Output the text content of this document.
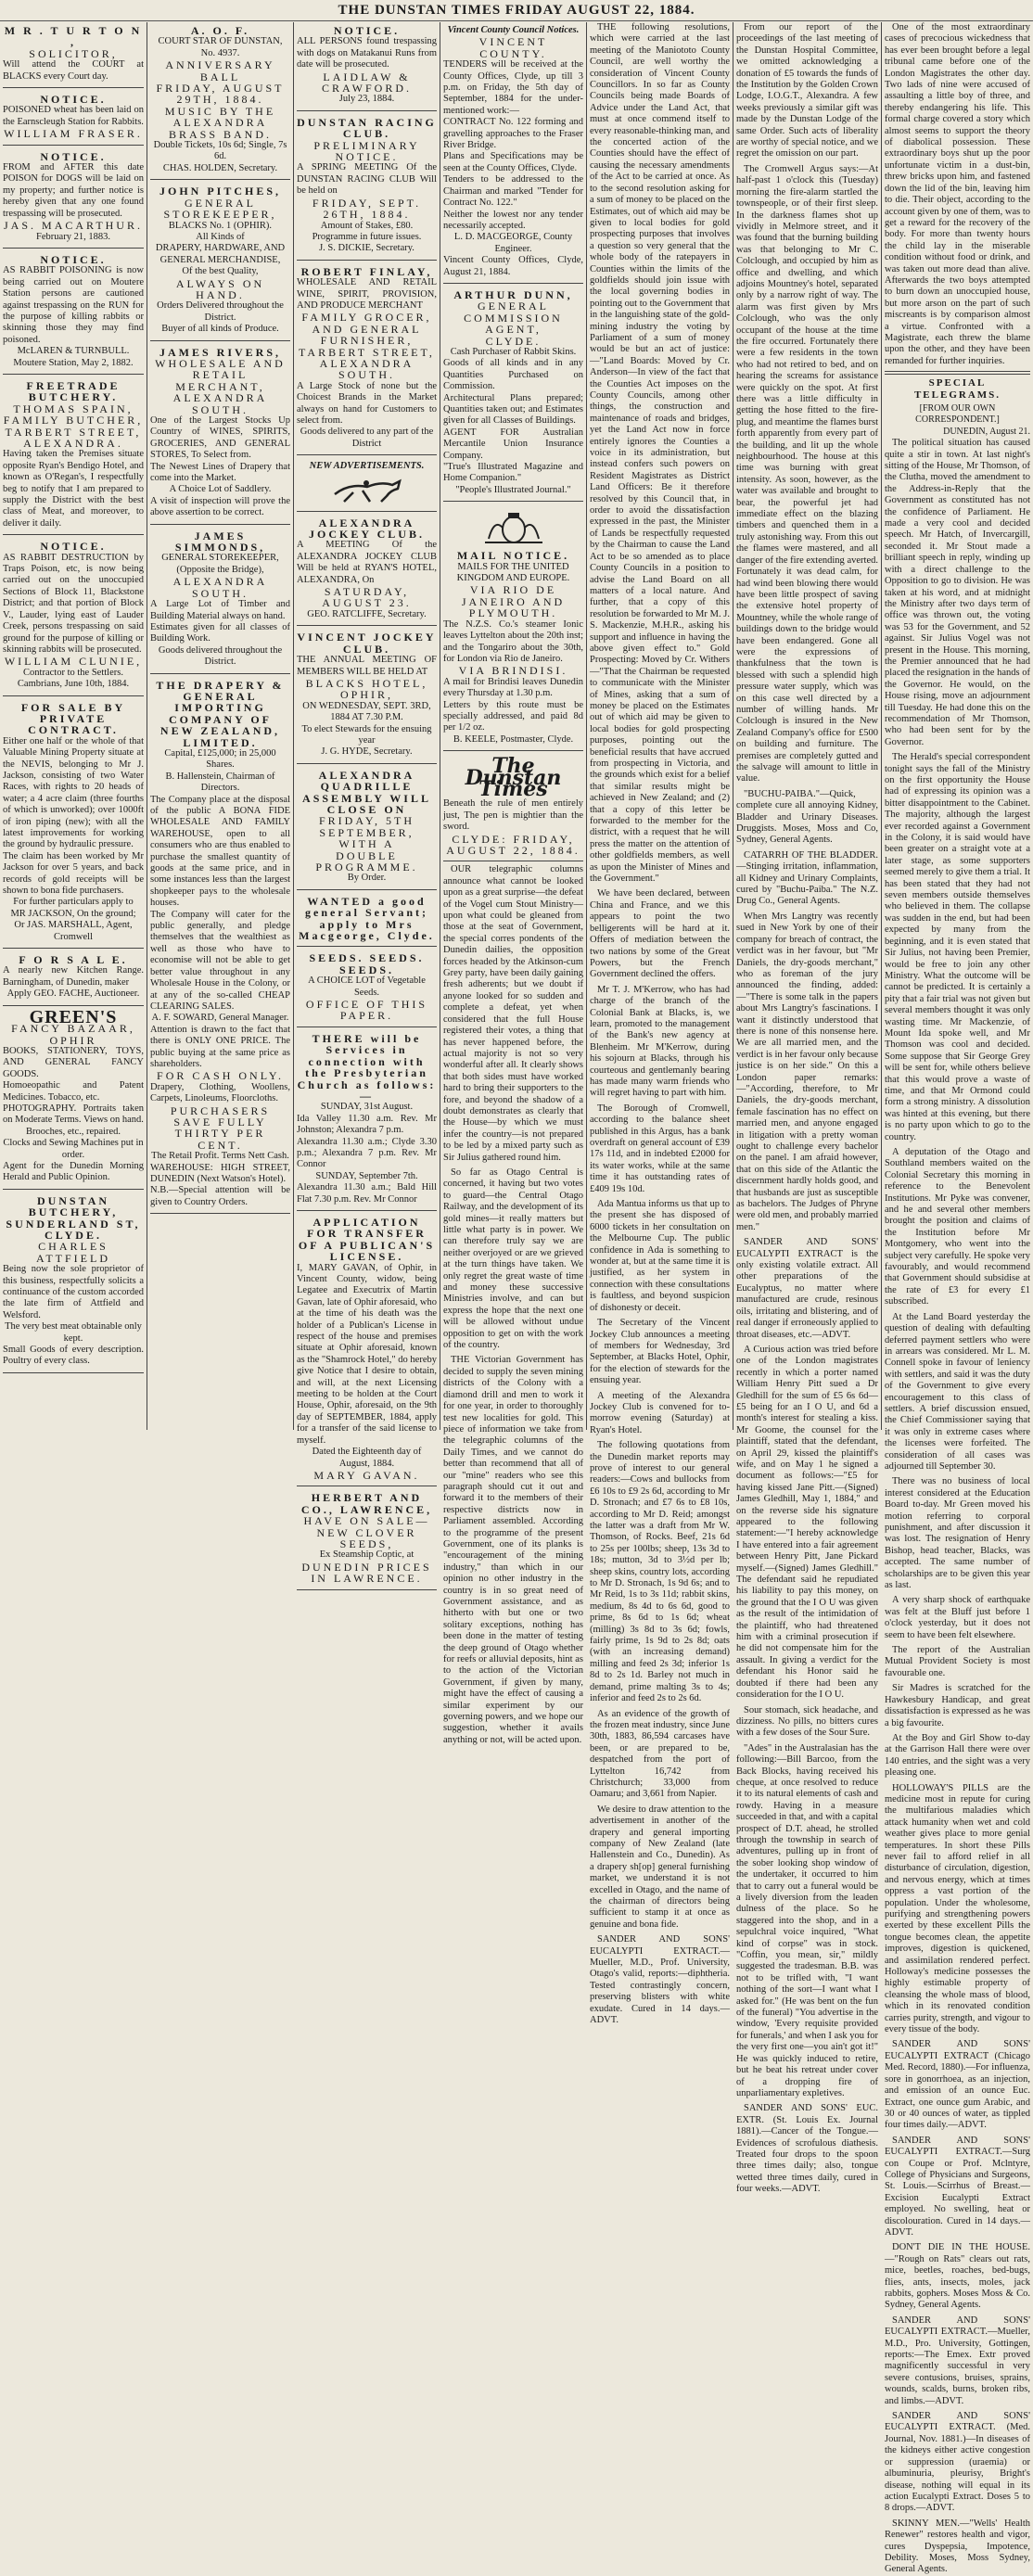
THE DUNSTAN TIMES FRIDAY AUGUST 22, 1884.
M R . T U R T O N ,
SOLICITOR,
Will attend the COURT at BLACKS every Court day.
NOTICE.
POISONED wheat has been laid on the Earnscleugh Station for Rabbits.
WILLIAM FRASER.
NOTICE.
FROM and AFTER this date POISON for DOGS will be laid on my property; and further notice is hereby given that any one found trespassing will be prosecuted.
JAS. MACARTHUR.
February 21, 1883.
NOTICE.
AS RABBIT POISONING is now being carried out on Moutere Station persons are cautioned against trespassing on the RUN for the purpose of killing rabbits or skinning those they may find poisoned.
McLAREN & TURNBULL.
Moutere Station, May 2, 1882.
FREETRADE BUTCHERY.
THOMAS SPAIN,
FAMILY BUTCHER,
TARBERT STREET, ALEXANDRA.
Having taken the Premises situate opposite Ryan's Bendigo Hotel, and known as O'Regan's, I respectfully beg to notify that I am prepared to supply the District with the best class of Meat, and moreover, to deliver it daily.
NOTICE.
AS RABBIT DESTRUCTION by Traps Poison, etc, is now being carried out on the unoccupied Sections of Block 11, Blackstone District; and that portion of Block V., Lauder, lying east of Lauder Creek, persons trespassing on said ground for the purpose of killing or skinning rabbits will be prosecuted.
WILLIAM CLUNIE,
Contractor to the Settlers.
Cambrians, June 10th, 1884.
FOR SALE BY PRIVATE CONTRACT.
Either one half or the whole of that Valuable Mining Property situate at the NEVIS, belonging to Mr J. Jackson, consisting of two Water Races, with rights to 20 heads of water; a 4 acre claim (three fourths of which is unworked); over 1000ft of iron piping (new); with all the latest improvements for working the ground by hydraulic pressure.
The claim has been worked by Mr Jackson for over 5 years, and back records of gold receipts will be shown to bona fide purchasers.
For further particulars apply to
MR JACKSON, On the ground;
Or JAS. MARSHALL, Agent, Cromwell
F O R S A L E.
A nearly new Kitchen Range. Barningham, of Dunedin, maker
Apply GEO. FACHE, Auctioneer.
GREEN'S
FANCY BAZAAR, OPHIR
BOOKS, STATIONERY, TOYS, AND GENERAL FANCY GOODS.
Homoeopathic and Patent Medicines. Tobacco, etc.
PHOTOGRAPHY. Portraits taken on Moderate Terms. Views on hand.
Brooches, etc., repaired.
Clocks and Sewing Machines put in order.
Agent for the Dunedin Morning Herald and Public Opinion.
DUNSTAN BUTCHERY, SUNDERLAND ST, CLYDE.
CHARLES ATTFIELD
Being now the sole proprietor of this business, respectfully solicits a continuance of the custom accorded the late firm of Attfield and Welsford.
The very best meat obtainable only kept.
Small Goods of every description. Poultry of every class.
A. O. F.
COURT STAR OF DUNSTAN, No. 4937.
ANNIVERSARY BALL
FRIDAY, AUGUST 29TH, 1884.
MUSIC BY THE ALEXANDRA BRASS BAND.
Double Tickets, 10s 6d; Single, 7s 6d.
CHAS. HOLDEN, Secretary.
JOHN PITCHES,
GENERAL STOREKEEPER,
BLACKS No. 1 (OPHIR).
All Kinds of
DRAPERY, HARDWARE, AND GENERAL MERCHANDISE,
Of the best Quality,
ALWAYS ON HAND.
Orders Delivered throughout the District.
Buyer of all kinds of Produce.
JAMES RIVERS,
WHOLESALE AND RETAIL MERCHANT,
ALEXANDRA SOUTH.
One of the Largest Stocks Up Country of WINES, SPIRITS, GROCERIES, AND GENERAL STORES, To Select from.
The Newest Lines of Drapery that come into the Market.
A Choice Lot of Saddlery.
A visit of inspection will prove the above assertion to be correct.
JAMES SIMMONDS,
GENERAL STOREKEEPER, (Opposite the Bridge),
ALEXANDRA SOUTH.
A Large Lot of Timber and Building Material always on hand.
Estimates given for all classes of Building Work.
Goods delivered throughout the District.
THE DRAPERY & GENERAL IMPORTING COMPANY OF NEW ZEALAND, LIMITED.
Capital, £125,000; in 25,000 Shares.
B. Hallenstein, Chairman of Directors.
The Company place at the disposal of the public A BONA FIDE WHOLESALE AND FAMILY WAREHOUSE, open to all consumers who are thus enabled to purchase the smallest quantity of goods at the same price, and in some instances less than the largest shopkeeper pays to the wholesale houses.
The Company will cater for the public generally, and pledge themselves that the wealthiest as well as those who have to economise will not be able to get better value throughout in any Wholesale House in the Colony, or at any of the so-called CHEAP CLEARING SALES.
A. F. SOWARD, General Manager.
Attention is drawn to the fact that there is ONLY ONE PRICE. The public buying at the same price as shareholders.
FOR CASH ONLY.
Drapery, Clothing, Woollens, Carpets, Linoleums, Floorcloths.
PURCHASERS SAVE FULLY THIRTY PER CENT.
The Retail Profit. Terms Nett Cash.
WAREHOUSE: HIGH STREET, DUNEDIN (Next Watson's Hotel).
N.B.—Special attention will be given to Country Orders.
NOTICE.
ALL PERSONS found trespassing with dogs on Matakanui Runs from date will be prosecuted.
LAIDLAW & CRAWFORD.
July 23, 1884.
DUNSTAN RACING CLUB.
PRELIMINARY NOTICE.
A SPRING MEETING Of the DUNSTAN RACING CLUB Will be held on
FRIDAY, SEPT. 26TH, 1884.
Amount of Stakes, £80.
Programme in future issues.
J. S. DICKIE, Secretary.
ROBERT FINLAY,
WHOLESALE AND RETAIL WINE, SPIRIT, PROVISION, AND PRODUCE MERCHANT
FAMILY GROCER, AND GENERAL FURNISHER,
TARBERT STREET, ALEXANDRA SOUTH.
A Large Stock of none but the Choicest Brands in the Market always on hand for Customers to select from.
Goods delivered to any part of the District
NEW ADVERTISEMENTS.
ALEXANDRA JOCKEY CLUB.
A MEETING Of the ALEXANDRA JOCKEY CLUB Will be held at RYAN'S HOTEL, ALEXANDRA, On
SATURDAY, AUGUST 23.
GEO. RATCLIFFE, Secretary.
VINCENT JOCKEY CLUB.
THE ANNUAL MEETING OF MEMBERS WILL BE HELD AT
BLACKS HOTEL, OPHIR,
ON WEDNESDAY, SEPT. 3RD, 1884 AT 7.30 P.M.
To elect Stewards for the ensuing year
J. G. HYDE, Secretary.
ALEXANDRA QUADRILLE ASSEMBLY WILL CLOSE ON
FRIDAY, 5TH SEPTEMBER,
WITH A
DOUBLE PROGRAMME.
By Order.
WANTED a good general Servant; apply to Mrs Macgeorge, Clyde.
SEEDS. SEEDS. SEEDS.
A CHOICE LOT of Vegetable Seeds.
OFFICE OF THIS PAPER.
THERE will be Services in connection with the Presbyterian Church as follows:—
SUNDAY, 31st August.
Ida Valley 11.30 a.m. Rev. Mr Johnston; Alexandra 7 p.m.
Alexandra 11.30 a.m.; Clyde 3.30 p.m.; Alexandra 7 p.m. Rev. Mr Connor
SUNDAY, September 7th.
Alexandra 11.30 a.m.; Bald Hill Flat 7.30 p.m. Rev. Mr Connor
APPLICATION FOR TRANSFER OF A PUBLICAN'S LICENSE.
I, MARY GAVAN, of Ophir, in Vincent County, widow, being Legatee and Executrix of Martin Gavan, late of Ophir aforesaid, who at the time of his death was the holder of a Publican's License in respect of the house and premises situate at Ophir aforesaid, known as the "Shamrock Hotel," do hereby give Notice that I desire to obtain, and will, at the next Licensing meeting to be holden at the Court House, Ophir, aforesaid, on the 9th day of SEPTEMBER, 1884, apply for a transfer of the said license to myself.
Dated the Eighteenth day of August, 1884.
MARY GAVAN.
HERBERT AND CO., LAWRENCE,
HAVE ON SALE—
NEW CLOVER SEEDS,
Ex Steamship Coptic, at
DUNEDIN PRICES IN LAWRENCE.
Vincent County Council Notices.
VINCENT COUNTY.
TENDERS will be received at the County Offices, Clyde, up till 3 p.m. on Friday, the 5th day of September, 1884 for the under-mentioned work:—
CONTRACT No. 122 forming and gravelling approaches to the Fraser River Bridge.
Plans and Specifications may be seen at the County Offices, Clyde.
Tenders to be addressed to the Chairman and marked "Tender for Contract No. 122."
Neither the lowest nor any tender necessarily accepted.
L. D. MACGEORGE, County Engineer.
Vincent County Offices, Clyde, August 21, 1884.
ARTHUR DUNN,
GENERAL COMMISSION AGENT,
CLYDE.
Cash Purchaser of Rabbit Skins.
Goods of all kinds and in any Quantities Purchased on Commission.
Architectural Plans prepared; Quantities taken out; and Estimates given for all Classes of Buildings.
AGENT FOR Australian Mercantile Union Insurance Company.
"True's Illustrated Magazine and Home Companion."
"People's Illustrated Journal."
MAIL NOTICE.
MAILS FOR THE UNITED KINGDOM AND EUROPE.
VIA RIO DE JANEIRO AND PLYMOUTH.
The N.Z.S. Co.'s steamer Ionic leaves Lyttelton about the 20th inst; and the Tongariro about the 30th, for London via Rio de Janeiro.
VIA BRINDISI.
A mail for Brindisi leaves Dunedin every Thursday at 1.30 p.m.
Letters by this route must be specially addressed, and paid 8d per 1/2 oz.
B. KEELE, Postmaster, Clyde.
The Dunstan Times
Beneath the rule of men entirely just, The pen is mightier than the sword.
CLYDE: FRIDAY, AUGUST 22, 1884.

OUR telegraphic columns announce what cannot be looked upon as a great surprise—the defeat of the Vogel cum Stout Ministry—upon what could be gleaned from those at the seat of Government, the special corres pondents of the Dunedin dailies, the opposition forces headed by the Atkinson-cum Grey party, have been daily gaining fresh adherents; but we doubt if anyone looked for so sudden and complete a defeat, yet when considered that the full House registered their votes, a thing that has never happened before, the actual majority is not so very wonderful after all. It clearly shows that both sides must have worked hard to bring their supporters to the fore, and beyond the shadow of a doubt demonstrates as clearly that the House—by which we must infer the country—is not prepared to be led by a mixed party such as Sir Julius gathered round him.

So far as Otago Central is concerned, it having but two votes to guard—the Central Otago Railway, and the development of its gold mines—it really matters but little what party is in power. We can therefore truly say we are neither overjoyed or are we grieved at the turn things have taken. We only regret the great waste of time and money these successive Ministries involve, and can but express the hope that the next one will be allowed without undue opposition to get on with the work of the country.

THE Victorian Government has decided to supply the seven mining districts of the Colony with a diamond drill and men to work it for one year, in order to thoroughly test new localities for gold. This piece of information we take from the telegraphic columns of the Daily Times, and we cannot do better than recommend that all of our "mine" readers who see this paragraph should cut it out and forward it to the members of their respective districts now in Parliament assembled. According to the programme of the present Government, one of its planks is "encouragement of the mining industry," than which in our opinion no other industry in the country is in so great need of Government assistance, and as hitherto with but one or two solitary exceptions, nothing has been done in the matter of testing the deep ground of Otago whether for reefs or alluvial deposits, hint as to the action of the Victorian Government, if given by many, might have the effect of causing a similar experiment by our governing powers, and we hope our suggestion, whether it avails anything or not, will be acted upon.

THE following resolutions, which were carried at the last meeting of the Maniototo County Council, are well worthy the consideration of Vincent County Councillors. In so far as County Councils being made Boards of Advice under the Land Act, that must at once commend itself to every reasonable-thinking man, and the concerted action of the Counties should have the effect of causing the necessary amendments of the Act to be carried at once. As to the second resolution asking for a sum of money to be placed on the Estimates, out of which aid may be given to local bodies for gold prospecting purposes that involves a question so very general that the whole body of the ratepayers in Counties within the limits of the goldfields should join issue with the local governing bodies in pointing out to the Government that in the languishing state of the gold-mining industry the voting by Parliament of a sum of money would be but an act of justice:—"Land Boards: Moved by Cr. Anderson—In view of the fact that the Counties Act imposes on the County Councils, among other things, the construction and maintenance of roads and bridges, yet the Land Act now in force entirely ignores the Counties a voice in its administration, but instead confers such powers on Resident Magistrates as District Land Officers: Be it therefore resolved by this Council that, in order to avoid the dissatisfaction expressed in the past, the Minister of Lands be respectfully requested by the Chairman to cause the Land Act to be so amended as to place County Councils in a position to advise the Land Board on all matters of a local nature. And further, that a copy of this resolution be forwarded to Mr M. J. S. Mackenzie, M.H.R., asking his support and influence in having the above given effect to." Gold Prospecting: Moved by Cr. Withers—"That the Chairman be requested to communicate with the Minister of Mines, asking that a sum of money be placed on the Estimates out of which aid may be given to local bodies for gold prospecting purposes, pointing out the beneficial results that have accrued from prospecting in Victoria, and the grounds which exist for a belief that similar results might be achieved in New Zealand; and (2) that a copy of this letter be forwarded to the member for the district, with a request that he will press the matter on the attention of other goldfields members, as well as upon the Minister of Mines and the Government."

We have been declared, between China and France, and we this appears to point the two belligerents will be hard at it. Offers of mediation between the two nations by some of the Great Powers, but the French Government declined the offers.

Mr T. J. M'Kerrow, who has had charge of the branch of the Colonial Bank at Blacks, is, we learn, promoted to the management of the Bank's new agency at Blenheim. Mr M'Kerrow, during his sojourn at Blacks, through his courteous and gentlemanly bearing has made many warm friends who will regret having to part with him.

The Borough of Cromwell, according to the balance sheet published in this Argus, has a bank overdraft on general account of £39 17s 11d, and in indebted £2000 for its water works, while at the same time it has outstanding rates of £409 19s 10d.

Ada Mantua informs us that up to the present she has disposed of 6000 tickets in her consultation on the Melbourne Cup. The public confidence in Ada is something to wonder at, but at the same time it is justified, as her system in connection with these consultations is faultless, and beyond suspicion of dishonesty or deceit.

The Secretary of the Vincent Jockey Club announces a meeting of members for Wednesday, 3rd September, at Blacks Hotel, Ophir, for the election of stewards for the ensuing year.

A meeting of the Alexandra Jockey Club is convened for to-morrow evening (Saturday) at Ryan's Hotel.

The following quotations from the Dunedin market reports may prove of interest to our general readers:—Cows and bullocks from £6 10s to £9 2s 6d, according to Mr D. Stronach; and £7 6s to £8 10s, according to Mr D. Reid; amongst the latter was a draft from Mr W. Thomson, of Rocks. Beef, 21s 6d to 25s per 100lbs; sheep, 13s 3d to 18s; mutton, 3d to 3½d per lb; sheep skins, country lots, according to Mr D. Stronach, 1s 9d 6s; and to Mr Reid, 1s to 3s 11d; rabbit skins, medium, 8s 4d to 6s 6d, good to prime, 8s 6d to 1s 6d; wheat (milling) 3s 8d to 3s 6d; fowls, fairly prime, 1s 9d to 2s 8d; oats (with an increasing demand) milling and feed 2s 3d; inferior 1s 8d to 2s 1d. Barley not much in demand, prime malting 3s to 4s; inferior and feed 2s to 2s 6d.

As an evidence of the growth of the frozen meat industry, since June 30th, 1883, 86,594 carcases have been, or are prepared to be, despatched from the port of Lyttelton 16,742 from Christchurch; 33,000 from Oamaru; and 3,661 from Napier.

We desire to draw attention to the advertisement in another of the drapery and general importing company of New Zealand (late Hallenstein and Co., Dunedin). As a drapery sh[op] general furnishing market, we understand it is not excelled in Otago, and the name of the chairman of directors being sufficient to stamp it at once as genuine and bona fide.

SANDER AND SONS' EUCALYPTI EXTRACT.—Mueller, M.D., Prof. University, Otago's valid, reports:—diphtheria. Tested contrastingly concern, preserving blisters with white exudate. Cured in 14 days.—ADVT.

From our report of the proceedings of the last meeting of the Dunstan Hospital Committee, we omitted acknowledging a donation of £5 towards the funds of the Institution by the Golden Crown Lodge, I.O.G.T., Alexandra. A few weeks previously a similar gift was made by the Dunstan Lodge of the same Order. Such acts of liberality are worthy of special notice, and we regret the omission on our part.

The Cromwell Argus says:—At half-past 1 o'clock this (Tuesday) morning the fire-alarm startled the townspeople, or of their first sleep. In the darkness flames shot up vividly in Melmore street, and it was found that the burning building was that belonging to Mr C. Colclough, and occupied by him as office and dwelling, and which adjoins Mountney's hotel, separated only by a narrow right of way. The alarm was first given by Mrs Colclough, who was the only occupant of the house at the time the fire occurred. Fortunately there were a few residents in the town who had not retired to bed, and on hearing the screams for assistance were quickly on the spot. At first there was a little difficulty in getting the hose fitted to the fire-plug, and meantime the flames burst forth apparently from every part of the building, and lit up the whole neighbourhood. The house at this time was burning with great intensity. As soon, however, as the water was available and brought to bear, the powerful jet had immediate effect on the blazing timbers and quenched them in a truly astonishing way. From this out the flames were mastered, and all danger of the fire extending averted. Fortunately it was dead calm, for had wind been blowing there would have been little prospect of saving the extensive hotel property of Mountney, while the whole range of buildings down to the bridge would have been endangered. Gone all were the expressions of thankfulness that the town is blessed with such a splendid high pressure water supply, which was on this case well directed by a number of willing hands. Mr Colclough is insured in the New Zealand Company's office for £500 on building and furniture. The premises are completely gutted and the salvage will amount to little in value.

"BUCHU-PAIBA."—Quick, complete cure all annoying Kidney, Bladder and Urinary Diseases. Druggists. Moses, Moss and Co, Sydney, General Agents.

CATARRH OF THE BLADDER.—Stinging irritation, inflammation, all Kidney and Urinary Complaints, cured by "Buchu-Paiba." The N.Z. Drug Co., General Agents.

When Mrs Langtry was recently sued in New York by one of their company for breach of contract, the verdict was in her favour, but "Mr Daniels, the dry-goods merchant," who as foreman of the jury announced the finding, added:—"There is some talk in the papers about Mrs Langtry's fascinations. I want it distinctly understood that there is none of this nonsense here. We are all married men, and the verdict is in her favour only because justice is on her side." On this a London paper remarks:—"According, therefore, to Mr Daniels, the dry-goods merchant, female fascination has no effect on married men, and anyone engaged in litigation with a pretty woman ought to challenge every bachelor on the panel. I am afraid however, that on this side of the Atlantic the discernment hardly holds good, and that husbands are just as susceptible as bachelors. The Judges of Phryne were old men, and probably married men."

SANDER AND SONS' EUCALYPTI EXTRACT is the only existing volatile extract. All other preparations of the Eucalyptus, no matter where manufactured are crude, resinous oils, irritating and blistering, and of real danger if erroneously applied to throat diseases, etc.—ADVT.

A Curious action was tried before one of the London magistrates recently in which a porter named William Henry Pitt sued a Dr Gledhill for the sum of £5 6s 6d—£5 being for an I O U, and 6d a month's interest for stealing a kiss. Mr Goome, the counsel for the plaintiff, stated that the defendant, on April 29, kissed the plaintiff's wife, and on May 1 he signed a document as follows:—"£5 for having kissed Jane Pitt.—(Signed) James Gledhill, May 1, 1884," and on the reverse side his signature appeared to the following statement:—"I hereby acknowledge I have entered into a fair agreement between Henry Pitt, Jane Pickard myself.—(Signed) James Gledhill." The defendant said he repudiated his liability to pay this money, on the ground that the I O U was given as the result of the intimidation of the plaintiff, who had threatened him with a criminal prosecution if he did not compensate him for the assault. In giving a verdict for the defendant his Honor said he doubted if there had been any consideration for the I O U.

Sour stomach, sick headache, and dizziness. No pills, no bitters cures with a few doses of the Sour Sure.

"Ades" in the Australasian has the following:—Bill Barcoo, from the Back Blocks, having received his cheque, at once resolved to reduce it to its natural elements of cash and rowdy. Having in a measure succeeded in that, and with a capital prospect of D.T. ahead, he strolled through the township in search of adventures, pulling up in front of the sober looking shop window of the undertaker, it occurred to him that to carry out a funeral would be a lively diversion from the leaden dulness of the place. So he staggered into the shop, and in a sepulchral voice inquired, "What kind of corpse" was in stock. "Coffin, you mean, sir," mildly suggested the tradesman. B.B. was not to be trifled with, "I want nothing of the sort—I want what I asked for." (He was bent on the fun of the funeral) "You advertise in the window, 'Every requisite provided for funerals,' and when I ask you for the very first one—you ain't got it!" He was quickly induced to retire, but he beat his retreat under cover of a dropping fire of unparliamentary expletives.

SANDER AND SONS' EUC. EXTR. (St. Louis Ex. Journal 1881).—Cancer of the Tongue.—Evidences of scrofulous diathesis. Treated four drops to the spoon three times daily; also, tongue wetted three times daily, cured in four weeks.—ADVT.

One of the most extraordinary cases of precocious wickedness that has ever been brought before a legal tribunal came before one of the London Magistrates the other day. Two lads of nine were accused of assaulting a little boy of three, and thereby endangering his life. This formal charge covered a story which almost seems to support the theory of diabolical possession. These extraordinary boys shut up the poor unfortunate victim in a dust-bin, threw bricks upon him, and fastened down the lid of the bin, leaving him to die. Their object, according to the account given by one of them, was to get a reward for the recovery of the body. For more than twenty hours the child lay in the miserable condition without food or drink, and was taken out more dead than alive. Afterwards the two boys attempted to burn down an unoccupied house, but more arson on the part of such miscreants is by comparison almost a virtue. Confronted with a Magistrate, each threw the blame upon the other, and they have been remanded for further inquiries.

SPECIAL TELEGRAMS.
[FROM OUR OWN CORRESPONDENT.]
DUNEDIN, August 21.

The political situation has caused quite a stir in town. At last night's sitting of the House, Mr Thomson, of the Clutha, moved the amendment to the Address-in-Reply that the Government as constituted has not the confidence of Parliament. He made a very cool and decided speech. Mr Hatch, of Invercargill, seconded it. Mr Stout made a brilliant speech in reply, winding up with a direct challenge to the Opposition to go to division. He was taken at his word, and at midnight the Ministry after two days term of office was thrown out, the voting was 53 for the Government, and 52 against. Sir Julius Vogel was not present in the House. This morning, the Premier announced that he had placed the resignation in the hands of the Governor. He would, on the House rising, move an adjournment till Tuesday. He had done this on the recommendation of Mr Thomson, who had been sent for by the Governor.

The Herald's special correspondent tonight says the fall of the Ministry on the first opportunity the House had of expressing its opinion was a bitter disappointment to the Cabinet. The majority, although the largest ever recorded against a Government in the Colony, it is said would have been greater on a straight vote at a later stage, as some supporters seemed merely to give them a trial. It has been stated that they had not seven members outside themselves who believed in them. The collapse was sudden in the end, but had been expected by many from the beginning, and it is even stated that Sir Julius, not having been Premier, would be free to join any other Ministry. What the outcome will be cannot be predicted. It is certainly a pity that a fair trial was not given but several members thought it was only wasting time. Mr Mackenzie, of Mount Ida spoke well, and Mr Thomson was cool and decided. Some suppose that Sir George Grey will be sent for, while others believe that this would prove a waste of time, and that Mr Ormond could form a strong ministry. A dissolution was hinted at this evening, but there is no party upon which to go to the country.

A deputation of the Otago and Southland members waited on the Colonial Secretary this morning in reference to the Benevolent Institutions. Mr Pyke was convener, and he and several other members brought the position and claims of the Institution before Mr Montgomery, who went into the subject very carefully. He spoke very favourably, and would recommend that Government should subsidise at the rate of £3 for every £1 subscribed.

At the Land Board yesterday the question of dealing with defaulting deferred payment settlers who were in arrears was considered. Mr L. M. Connell spoke in favour of leniency with settlers, and said it was the duty of the Government to give every encouragement to this class of settlers. A brief discussion ensued, the Chief Commissioner saying that it was only in extreme cases where the licenses were forfeited. The consideration of all cases was adjourned till September 30.

There was no business of local interest considered at the Education Board to-day. Mr Green moved his motion referring to corporal punishment, and after discussion it was lost. The resignation of Henry Bishop, head teacher, Blacks, was accepted. The same number of scholarships are to be given this year as last.

A very sharp shock of earthquake was felt at the Bluff just before 1 o'clock yesterday, but it does not seem to have been felt elsewhere.

The report of the Australian Mutual Provident Society is most favourable one.

Sir Madres is scratched for the Hawkesbury Handicap, and great dissatisfaction is expressed as he was a big favourite.

At the Boy and Girl Show to-day at the Garrison Hall there were over 140 entries, and the sight was a very pleasing one.

HOLLOWAY'S PILLS are the medicine most in repute for curing the multifarious maladies which attack humanity when wet and cold weather gives place to more genial temperatures. In short these Pills never fail to afford relief in all disturbance of circulation, digestion, and nervous energy, which at times oppress a vast portion of the population. Under the wholesome, purifying and strengthening powers exerted by these excellent Pills the tongue becomes clean, the appetite improves, digestion is quickened, and assimilation rendered perfect. Holloway's medicine possesses the highly estimable property of cleansing the whole mass of blood, which in its renovated condition carries purity, strength, and vigour to every tissue of the body.

SANDER AND SONS' EUCALYPTI EXTRACT (Chicago Med. Record, 1880).—For influenza, sore in gonorrhoea, as an injection, and emission of an ounce Euc. Extract, one ounce gum Arabic, and 30 or 40 ounces of water, as tippled four times daily.—ADVT.

SANDER AND SONS' EUCALYPTI EXTRACT.—Surg con Coupe or Prof. Mclntyre, College of Physicians and Surgeons, St. Louis.—Scirrhus of Breast.—Excision Eucalypti Extract employed. No swelling, heat or discolouration. Cured in 14 days.—ADVT.

DON'T DIE IN THE HOUSE.—"Rough on Rats" clears out rats, mice, beetles, roaches, bed-bugs, flies, ants, insects, moles, jack rabbits, gophers. Moses Moss & Co. Sydney, General Agents.

SANDER AND SONS' EUCALYPTI EXTRACT.—Mueller, M.D., Pro. University, Gottingen, reports:—The Emex. Extr proved magnificently successful in very severe contusions, bruises, sprains, wounds, scalds, burns, broken ribs, and limbs.—ADVT.

SANDER AND SONS' EUCALYPTI EXTRACT. (Med. Journal, Nov. 1881.)—In diseases of the kidneys either active congestion or suppression (uraemia) or albuminuria, pleurisy, Bright's disease, nothing will equal in its action Eucalypti Extract. Doses 5 to 8 drops.—ADVT.

SKINNY MEN.—"Wells' Health Renewer" restores health and vigor, cures Dyspepsia, Impotence, Debility. Moses, Moss Sydney, General Agents.
